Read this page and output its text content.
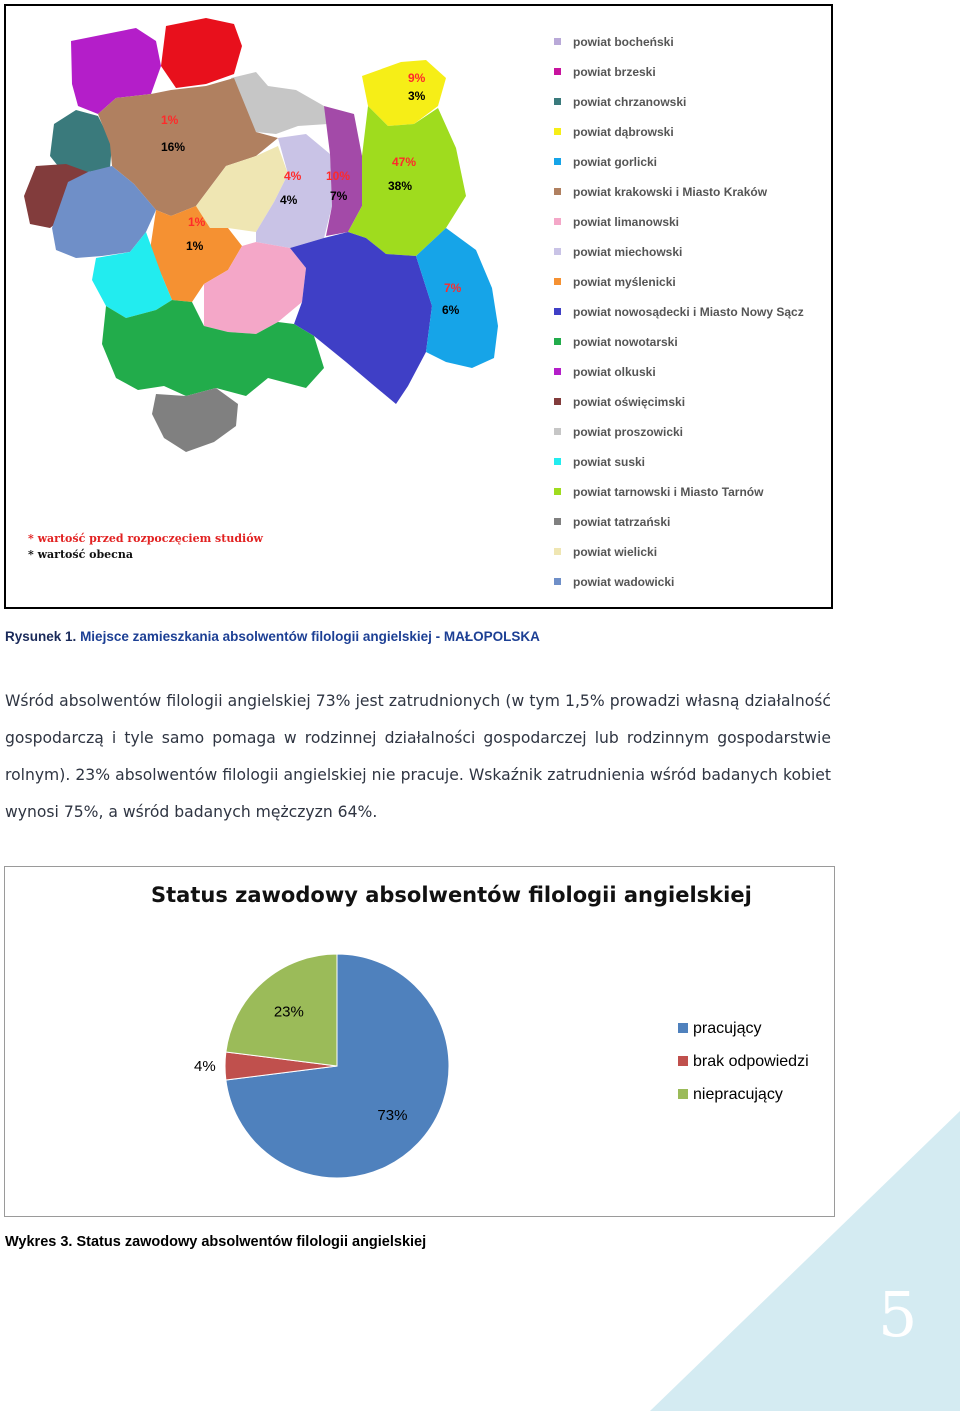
1%
16%
9%
3%
4%
4%
10%
7%
47%
38%
1%
1%
7%
6%
powiat bocheński
powiat brzeski
powiat chrzanowski
powiat dąbrowski
powiat gorlicki
powiat krakowski i Miasto Kraków
powiat limanowski
powiat miechowski
powiat myślenicki
powiat nowosądecki i Miasto Nowy Sącz
powiat nowotarski
powiat olkuski
powiat oświęcimski
powiat proszowicki
powiat suski
powiat tarnowski i Miasto Tarnów
powiat tatrzański
powiat wielicki
powiat wadowicki
* wartość przed rozpoczęciem studiów
* wartość obecna
Rysunek 1. Miejsce zamieszkania absolwentów filologii angielskiej - MAŁOPOLSKA

Wśród absolwentów filologii angielskiej 73% jest zatrudnionych (w tym 1,5% prowadzi własną działalność gospodarczą i tyle samo pomaga w rodzinnej działalności gospodarczej lub rodzinnym gospodarstwie rolnym). 23% absolwentów filologii angielskiej nie pracuje. Wskaźnik zatrudnienia wśród badanych kobiet wynosi 75%, a wśród badanych mężczyzn 64%.

Status zawodowy absolwentów filologii angielskiej
73%
4%
23%
pracujący
brak odpowiedzi
niepracujący
Wykres 3. Status zawodowy absolwentów filologii angielskiej
5
